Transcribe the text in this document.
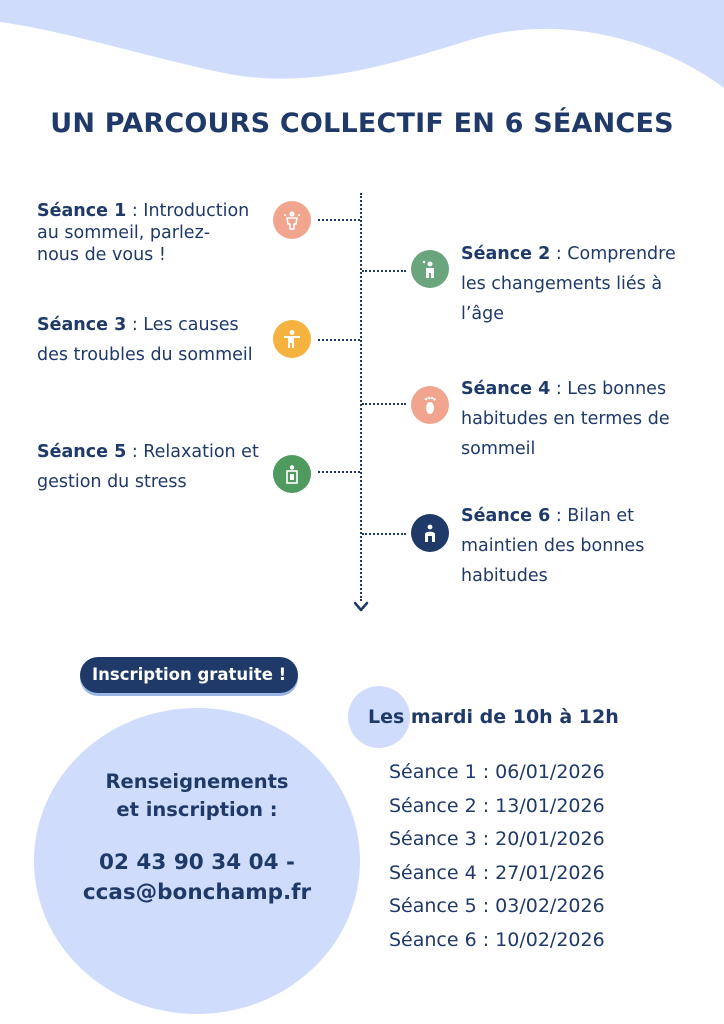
UN PARCOURS COLLECTIF EN 6 SÉANCES
Séance 1 : Introduction
au sommeil, parlez-
nous de vous !	Séance 2 : Comprendre
les changements liés à
l’âge
Séance 3 : Les causes
des troubles du sommeil
Séance 4 : Les bonnes
habitudes en termes de
sommeil
Séance 5 : Relaxation et
gestion du stress
Séance 6 : Bilan et
maintien des bonnes
habitudes
Inscription gratuite !
Renseignements
et inscription :
02 43 90 34 04 -
ccas@bonchamp.fr
Les mardi de 10h à 12h
Séance 1 : 06/01/2026
Séance 2 : 13/01/2026
Séance 3 : 20/01/2026
Séance 4 : 27/01/2026
Séance 5 : 03/02/2026
Séance 6 : 10/02/2026
